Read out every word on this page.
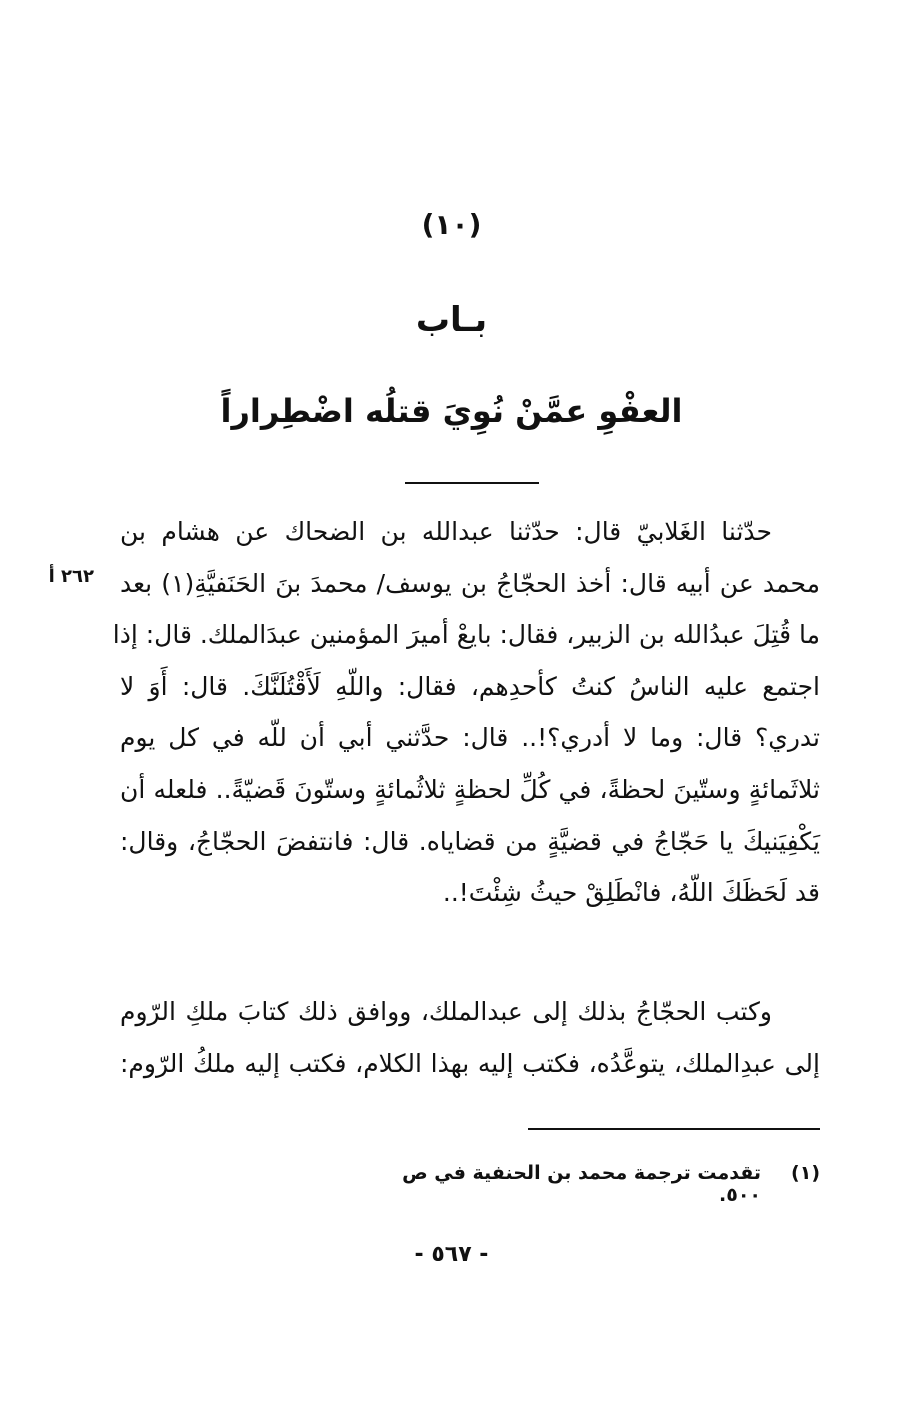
(١٠)
بـاب
العفْوِ عمَّنْ نُوِيَ قتلُه اضْطِراراً
٢٦٢ أ
حدّثنا الغَلابيّ قال: حدّثنا عبدالله بن الضحاك عن هشام بن
محمد عن أبيه قال: أخذ الحجّاجُ بن يوسف/ محمدَ بنَ الحَنَفيَّةِ(١) بعد
ما قُتِلَ عبدُالله بن الزبير، فقال: بايعْ أميرَ المؤمنين عبدَالملك. قال: إذا
اجتمع عليه الناسُ كنتُ كأحدِهم، فقال: واللّهِ لَأَقْتُلَنَّكَ. قال: أَوَ لا
تدري؟ قال: وما لا أدري؟!.. قال: حدَّثني أبي أن للّه في كل يوم
ثلاثَمائةٍ وستّينَ لحظةً، في كُلِّ لحظةٍ ثلاثُمائةٍ وستّونَ قَضيّةً.. فلعله أن
يَكْفِيَنيكَ يا حَجّاجُ في قضيَّةٍ من قضاياه. قال: فانتفضَ الحجّاجُ، وقال:
قد لَحَظَكَ اللّهُ، فانْطَلِقْ حيثُ شِئْتَ!..
وكتب الحجّاجُ بذلك إلى عبدالملك، ووافق ذلك كتابَ ملكِ الرّوم
إلى عبدِالملك، يتوعَّدُه، فكتب إليه بهذا الكلام، فكتب إليه ملكُ الرّوم:
(١)
تقدمت ترجمة محمد بن الحنفية في ص ٥٠٠.
- ٥٦٧ -
